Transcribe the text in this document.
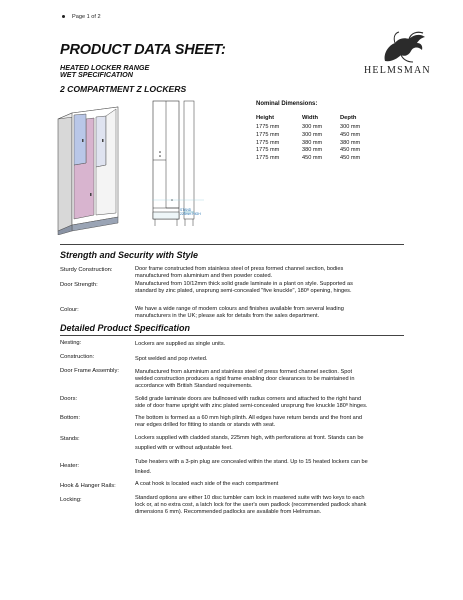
Page 1 of 2
PRODUCT DATA SHEET:
HEATED LOCKER RANGE
WET SPECIFICATION
2 COMPARTMENT Z LOCKERS
HELMSMAN
STAND
225mm HIGH
Nominal Dimensions:
Height	Width	Depth
1775 mm	300 mm	300 mm
1775 mm	300 mm	450 mm
1775 mm	380 mm	380 mm
1775 mm	380 mm	450 mm
1775 mm	450 mm	450 mm
Strength and Security with Style
Sturdy Construction:	Door frame constructed from stainless steel of press formed channel section, bodies
manufactured from aluminium and then powder coated.
Door Strength:	Manufactured from 10/12mm thick solid grade laminate in a plant on style. Supported as
standard by zinc plated, unsprung semi-concealed "five knuckle", 180º opening, hinges.
Colour:	We have a wide range of modern colours and finishes available from several leading
manufacturers in the UK; please ask for details from the sales department.
Detailed Product Specification
Nesting:	Lockers are supplied as single units.
Construction:	Spot welded and pop riveted.
Door Frame Assembly:	Manufactured from aluminium and stainless steel of press formed channel section. Spot
welded construction produces a rigid frame enabling door clearances to be maintained in
accordance with British Standard requirements.
Doors:	Solid grade laminate doors are bullnosed with radius corners and attached to the right hand
side of door frame upright with zinc plated semi-concealed unsprung five knuckle 180º hinges.
Bottom:	The bottom is formed as a 60 mm high plinth. All edges have return bends and the front and
rear edges drilled for fitting to stands or stands with seat.
Stands:	Lockers supplied with cladded stands, 225mm high, with perforations at front. Stands can be
supplied with or without adjustable feet.
Heater:
Tube heaters with a 3-pin plug are concealed within the stand. Up to 15 heated lockers can be
linked.
Hook & Hanger Rails:	A coat hook is located each side of the each compartment
Locking:	Standard options are either 10 disc tumbler cam lock in mastered suite with two keys to each
lock or, at no extra cost, a latch lock for the user's own padlock (recommended padlock shank
dimensions 6 mm). Recommended padlocks are available from Helmsman.
